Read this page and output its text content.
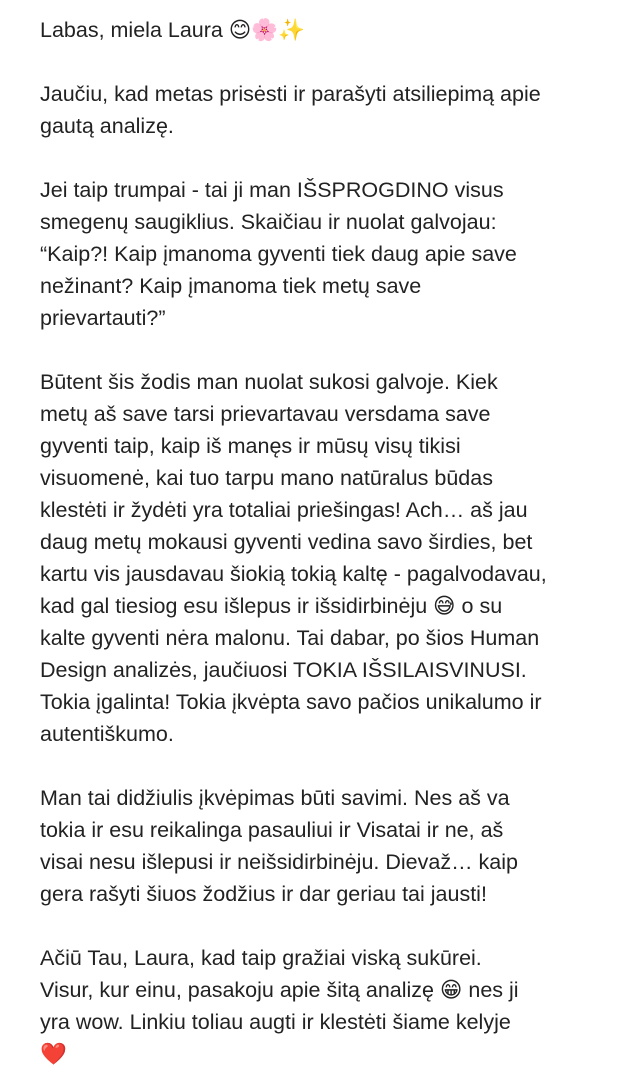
Labas, miela Laura 😊🌸✨
Jaučiu, kad metas prisėsti ir parašyti atsiliepimą apie
gautą analizę.
Jei taip trumpai - tai ji man IŠSPROGDINO visus
smegenų saugiklius. Skaičiau ir nuolat galvojau:
“Kaip?! Kaip įmanoma gyventi tiek daug apie save
nežinant? Kaip įmanoma tiek metų save
prievartauti?”
Būtent šis žodis man nuolat sukosi galvoje. Kiek
metų aš save tarsi prievartavau versdama save
gyventi taip, kaip iš manęs ir mūsų visų tikisi
visuomenė, kai tuo tarpu mano natūralus būdas
klestėti ir žydėti yra totaliai priešingas! Ach… aš jau
daug metų mokausi gyventi vedina savo širdies, bet
kartu vis jausdavau šiokią tokią kaltę - pagalvodavau,
kad gal tiesiog esu išlepus ir išsidirbinėju 😅 o su
kalte gyventi nėra malonu. Tai dabar, po šios Human
Design analizės, jaučiuosi TOKIA IŠSILAISVINUSI.
Tokia įgalinta! Tokia įkvėpta savo pačios unikalumo ir
autentiškumo.
Man tai didžiulis įkvėpimas būti savimi. Nes aš va
tokia ir esu reikalinga pasauliui ir Visatai ir ne, aš
visai nesu išlepusi ir neišsidirbinėju. Dievaž… kaip
gera rašyti šiuos žodžius ir dar geriau tai jausti!
Ačiū Tau, Laura, kad taip gražiai viską sukūrei.
Visur, kur einu, pasakoju apie šitą analizę 😁 nes ji
yra wow. Linkiu toliau augti ir klestėti šiame kelyje
❤️
